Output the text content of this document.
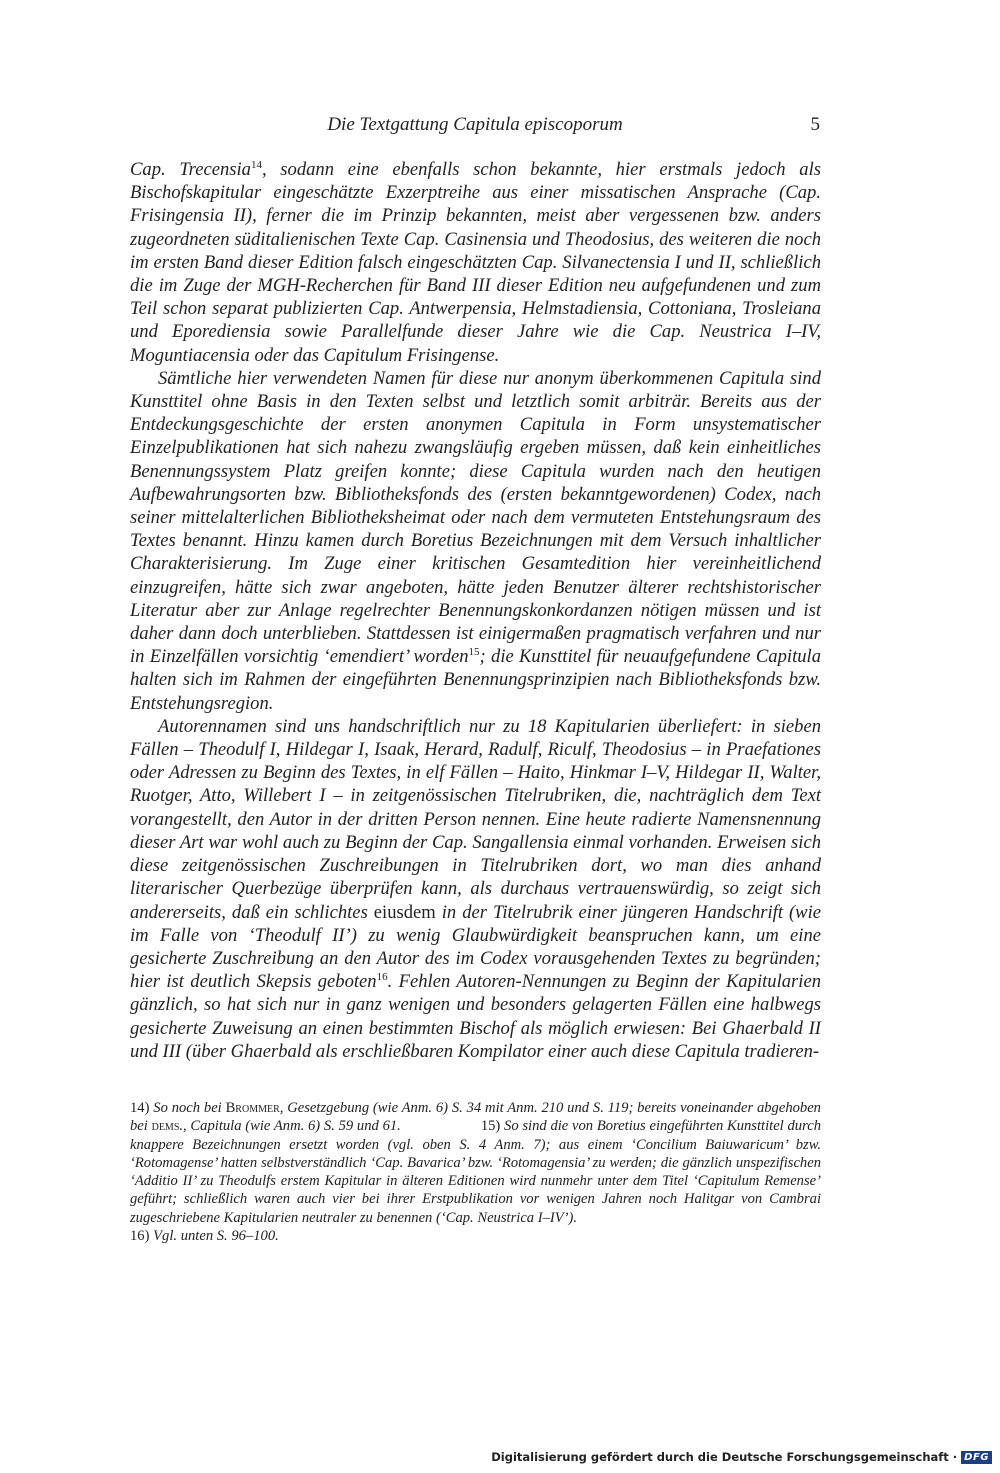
Die Textgattung Capitula episcoporum	5

Cap. Trecensia$^{14}$, sodann eine ebenfalls schon bekannte, hier erstmals jedoch als Bischofskapitular eingeschätzte Exzerptreihe aus einer missatischen Ansprache (Cap. Frisingensia II), ferner die im Prinzip bekannten, meist aber vergessenen bzw. anders zugeordneten süditalienischen Texte Cap. Casinensia und Theodosius, des weiteren die noch im ersten Band dieser Edition falsch eingeschätzten Cap. Silvanectensia I und II, schließlich die im Zuge der MGH-Recherchen für Band III dieser Edition neu aufgefundenen und zum Teil schon separat publizierten Cap. Antwerpensia, Helmstadiensia, Cottoniana, Trosleiana und Eporediensia sowie Parallelfunde dieser Jahre wie die Cap. Neustrica I–IV, Moguntiacensia oder das Capitulum Frisingense.

Sämtliche hier verwendeten Namen für diese nur anonym überkommenen Capitula sind Kunsttitel ohne Basis in den Texten selbst und letztlich somit arbiträr. Bereits aus der Entdeckungsgeschichte der ersten anonymen Capitula in Form unsystematischer Einzelpublikationen hat sich nahezu zwangsläufig ergeben müssen, daß kein einheitliches Benennungssystem Platz greifen konnte; diese Capitula wurden nach den heutigen Aufbewahrungsorten bzw. Bibliotheksfonds des (ersten bekanntgewordenen) Codex, nach seiner mittelalterlichen Bibliotheksheimat oder nach dem vermuteten Entstehungsraum des Textes benannt. Hinzu kamen durch Boretius Bezeichnungen mit dem Versuch inhaltlicher Charakterisierung. Im Zuge einer kritischen Gesamtedition hier vereinheitlichend einzugreifen, hätte sich zwar angeboten, hätte jeden Benutzer älterer rechtshistorischer Literatur aber zur Anlage regelrechter Benennungskonkordanzen nötigen müssen und ist daher dann doch unterblieben. Stattdessen ist einigermaßen pragmatisch verfahren und nur in Einzelfällen vorsichtig ‘emendiert’ worden$^{15}$; die Kunsttitel für neuaufgefundene Capitula halten sich im Rahmen der eingeführten Benennungsprinzipien nach Bibliotheksfonds bzw. Entstehungsregion.

Autorennamen sind uns handschriftlich nur zu 18 Kapitularien überliefert: in sieben Fällen – Theodulf I, Hildegar I, Isaak, Herard, Radulf, Riculf, Theodosius – in Praefationes oder Adressen zu Beginn des Textes, in elf Fällen – Haito, Hinkmar I–V, Hildegar II, Walter, Ruotger, Atto, Willebert I – in zeitgenössischen Titelrubriken, die, nachträglich dem Text vorangestellt, den Autor in der dritten Person nennen. Eine heute radierte Namensnennung dieser Art war wohl auch zu Beginn der Cap. Sangallensia einmal vorhanden. Erweisen sich diese zeitgenössischen Zuschreibungen in Titelrubriken dort, wo man dies anhand literarischer Querbezüge überprüfen kann, als durchaus vertrauenswürdig, so zeigt sich andererseits, daß ein schlichtes eiusdem in der Titelrubrik einer jüngeren Handschrift (wie im Falle von ‘Theodulf II’) zu wenig Glaubwürdigkeit beanspruchen kann, um eine gesicherte Zuschreibung an den Autor des im Codex vorausgehenden Textes zu begründen; hier ist deutlich Skepsis geboten$^{16}$. Fehlen Autoren-Nennungen zu Beginn der Kapitularien gänzlich, so hat sich nur in ganz wenigen und besonders gelagerten Fällen eine halbwegs gesicherte Zuweisung an einen bestimmten Bischof als möglich erwiesen: Bei Ghaerbald II und III (über Ghaerbald als erschließbaren Kompilator einer auch diese Capitula tradieren-

14) So noch bei Brommer, Gesetzgebung (wie Anm. 6) S. 34 mit Anm. 210 und S. 119; bereits voneinander abgehoben bei dems., Capitula (wie Anm. 6) S. 59 und 61.	15) So sind die von Boretius eingeführten Kunsttitel durch knappere Bezeichnungen ersetzt worden (vgl. oben S. 4 Anm. 7); aus einem ‘Concilium Baiuwaricum’ bzw. ‘Rotomagense’ hatten selbstverständlich ‘Cap. Bavarica’ bzw. ‘Rotomagensia’ zu werden; die gänzlich unspezifischen ‘Additio II’ zu Theodulfs erstem Kapitular in älteren Editionen wird nunmehr unter dem Titel ‘Capitulum Remense’ geführt; schließlich waren auch vier bei ihrer Erstpublikation vor wenigen Jahren noch Halitgar von Cambrai zugeschriebene Kapitularien neutraler zu benennen (‘Cap. Neustrica I–IV’).

16) Vgl. unten S. 96–100.

Digitalisierung gefördert durch die Deutsche Forschungsgemeinschaft · DFG
